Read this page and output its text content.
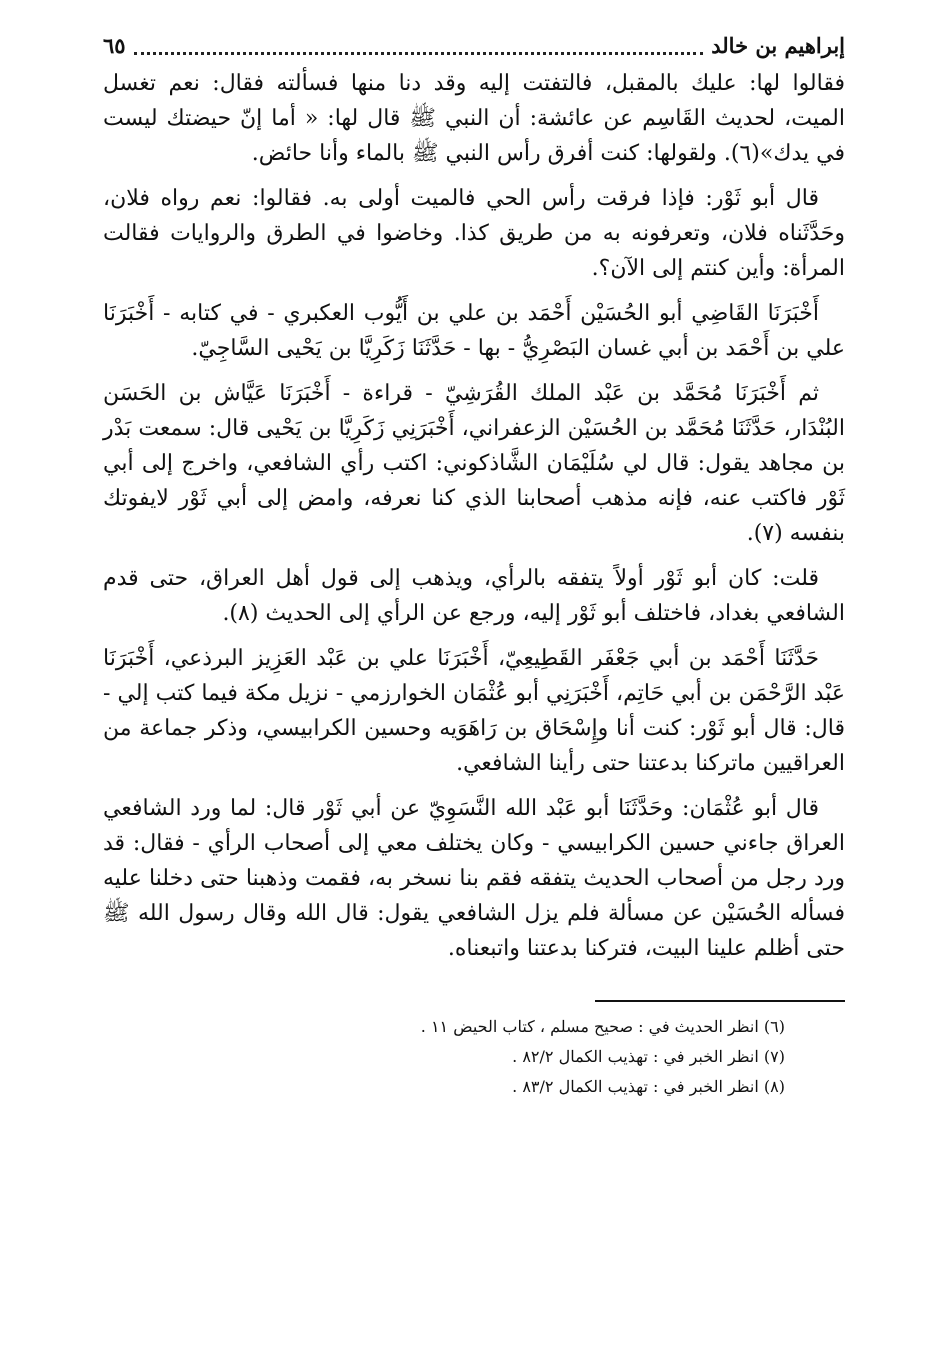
إبراهيم بن خالد
٦٥

فقالوا لها: عليك بالمقبل، فالتفتت إليه وقد دنا منها فسألته فقال: نعم تغسل الميت، لحديث القَاسِم عن عائشة: أن النبي ﷺ قال لها: « أما إنّ حيضتك ليست في يدك»(٦). ولقولها: كنت أفرق رأس النبي ﷺ بالماء وأنا حائض.

قال أبو ثَوْر: فإذا فرقت رأس الحي فالميت أولى به. فقالوا: نعم رواه فلان، وحَدَّثَناه فلان، وتعرفونه به من طريق كذا. وخاضوا في الطرق والروايات فقالت المرأة: وأين كنتم إلى الآن؟.

أَخْبَرَنَا القَاضِي أبو الحُسَيْن أَحْمَد بن علي بن أَيُّوب العكبري - في كتابه - أَخْبَرَنَا علي بن أَحْمَد بن أبي غسان البَصْرِيُّ - بها - حَدَّثَنَا زَكَرِيَّا بن يَحْيى السَّاجِيّ.

ثم أَخْبَرَنَا مُحَمَّد بن عَبْد الملك القُرَشِيّ - قراءة - أَخْبَرَنَا عَيَّاش بن الحَسَن البُنْدَار، حَدَّثَنَا مُحَمَّد بن الحُسَيْن الزعفراني، أَخْبَرَنِي زَكَرِيَّا بن يَحْيى قال: سمعت بَدْر بن مجاهد يقول: قال لي سُلَيْمَان الشَّاذكوني: اكتب رأي الشافعي، واخرج إلى أبي ثَوْر فاكتب عنه، فإنه مذهب أصحابنا الذي كنا نعرفه، وامض إلى أبي ثَوْر لايفوتك بنفسه (٧).

قلت: كان أبو ثَوْر أولاً يتفقه بالرأي، ويذهب إلى قول أهل العراق، حتى قدم الشافعي بغداد، فاختلف أبو ثَوْر إليه، ورجع عن الرأي إلى الحديث (٨).

حَدَّثَنَا أَحْمَد بن أبي جَعْفَر القَطِيعِيّ، أَخْبَرَنَا علي بن عَبْد العَزِيز البرذعي، أَخْبَرَنَا عَبْد الرَّحْمَن بن أبي حَاتِم، أَخْبَرَنِي أبو عُثْمَان الخوارزمي - نزيل مكة فيما كتب إلي - قال: قال أبو ثَوْر: كنت أنا وإِسْحَاق بن رَاهَوَيه وحسين الكرابيسي، وذكر جماعة من العراقيين ماتركنا بدعتنا حتى رأينا الشافعي.

قال أبو عُثْمَان: وحَدَّثَنَا أبو عَبْد الله النَّسَوِيّ عن أبي ثَوْر قال: لما ورد الشافعي العراق جاءني حسين الكرابيسي - وكان يختلف معي إلى أصحاب الرأي - فقال: قد ورد رجل من أصحاب الحديث يتفقه فقم بنا نسخر به، فقمت وذهبنا حتى دخلنا عليه فسأله الحُسَيْن عن مسألة فلم يزل الشافعي يقول: قال الله وقال رسول الله ﷺ حتى أظلم علينا البيت، فتركنا بدعتنا واتبعناه.

(٦) انظر الحديث في : صحيح مسلم ، كتاب الحيض ١١ .

(٧) انظر الخبر في : تهذيب الكمال ٨٢/٢ .

(٨) انظر الخبر في : تهذيب الكمال ٨٣/٢ .
